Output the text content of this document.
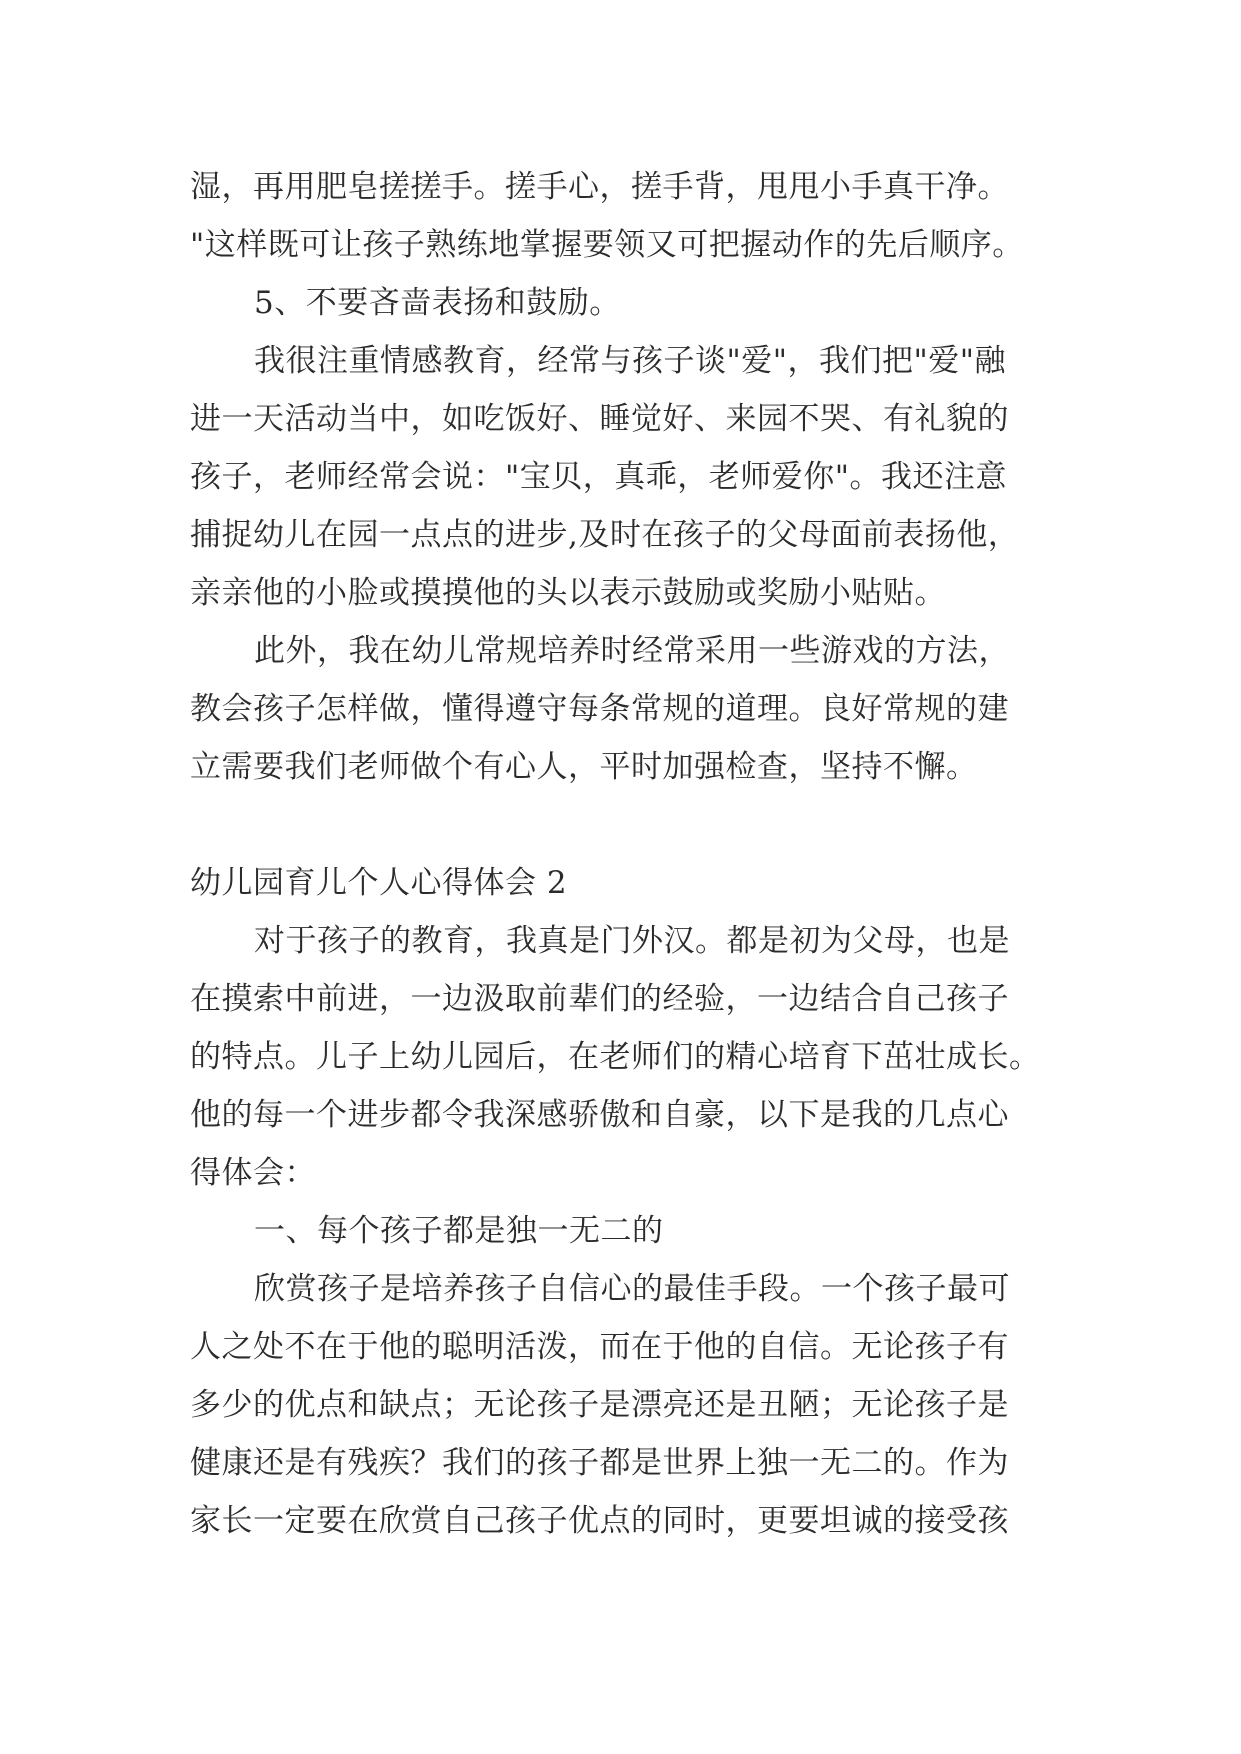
湿，再用肥皂搓搓手。搓手心，搓手背，甩甩小手真干净。
"这样既可让孩子熟练地掌握要领又可把握动作的先后顺序。
5、不要吝啬表扬和鼓励。
我很注重情感教育，经常与孩子谈"爱"，我们把"爱"融
进一天活动当中，如吃饭好、睡觉好、来园不哭、有礼貌的
孩子，老师经常会说："宝贝，真乖，老师爱你"。我还注意
捕捉幼儿在园一点点的进步,及时在孩子的父母面前表扬他，
亲亲他的小脸或摸摸他的头以表示鼓励或奖励小贴贴。
此外，我在幼儿常规培养时经常采用一些游戏的方法，
教会孩子怎样做，懂得遵守每条常规的道理。良好常规的建
立需要我们老师做个有心人，平时加强检查，坚持不懈。
幼儿园育儿个人心得体会 2
对于孩子的教育，我真是门外汉。都是初为父母，也是
在摸索中前进，一边汲取前辈们的经验，一边结合自己孩子
的特点。儿子上幼儿园后，在老师们的精心培育下茁壮成长。
他的每一个进步都令我深感骄傲和自豪，以下是我的几点心
得体会：
一、每个孩子都是独一无二的
欣赏孩子是培养孩子自信心的最佳手段。一个孩子最可
人之处不在于他的聪明活泼，而在于他的自信。无论孩子有
多少的优点和缺点；无论孩子是漂亮还是丑陋；无论孩子是
健康还是有残疾？我们的孩子都是世界上独一无二的。作为
家长一定要在欣赏自己孩子优点的同时，更要坦诚的接受孩
